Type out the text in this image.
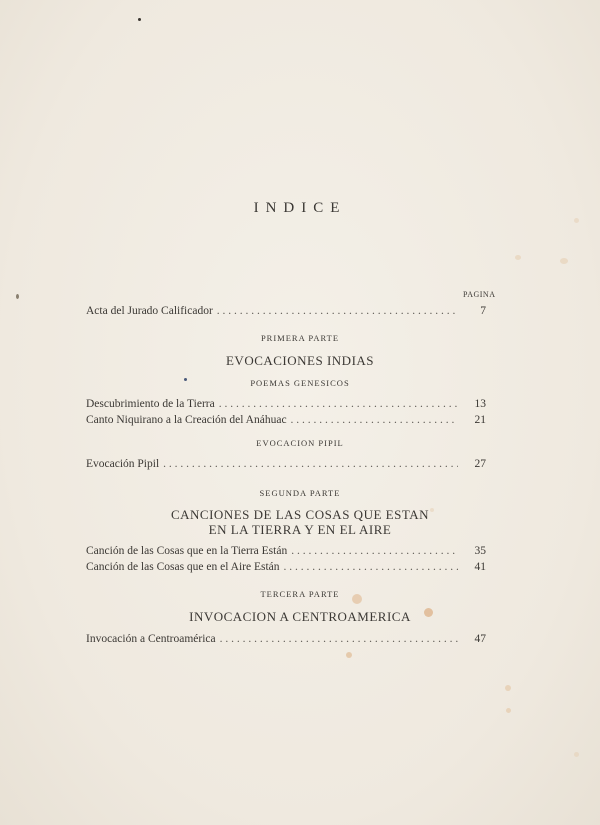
INDICE
PAGINA
Acta del Jurado Calificador . . .	7
PRIMERA PARTE
EVOCACIONES INDIAS
POEMAS GENESICOS
Descubrimiento de la Tierra . . .	13
Canto Niquirano a la Creación del Anáhuac . . .	21
EVOCACION PIPIL
Evocación Pipil . . .	27
SEGUNDA PARTE
CANCIONES DE LAS COSAS QUE ESTAN
EN LA TIERRA Y EN EL AIRE
Canción de las Cosas que en la Tierra Están . . .	35
Canción de las Cosas que en el Aire Están . . .	41
TERCERA PARTE
INVOCACION A CENTROAMERICA
Invocación a Centroamérica . . .	47
